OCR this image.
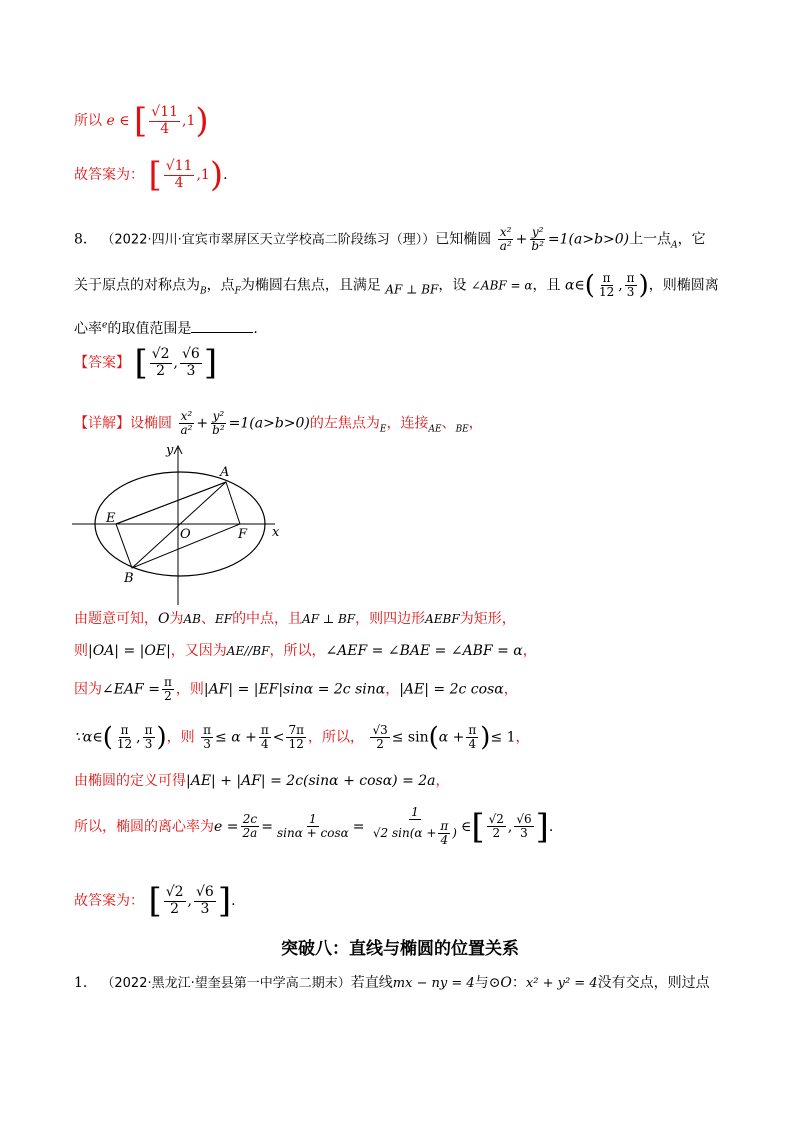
所以 e ∈ [ $\frac{√11}{4} ,1$)
故答案为： [ $\frac{√11}{4} ,1$).
8． （2022·四川·宜宾市翠屏区天立学校高二阶段练习（理））已知椭圆 $\frac{\text{x²}}{\text{a²}} + \frac{\text{y²}}{\text{b²}} =1(a>b>0)$上一点$_A$，它
关于原点的对称点为$_B$，点$_F$为椭圆右焦点，且满足 AF ⊥ BF，设 ∠ABF = α，且 α∈( $\frac{\pi}{12}$ , $\frac{\pi}{3}$ )，则椭圆离
心率$^e$的取值范围是	.
【答案】 [ $\frac{√2}{2}$ , $\frac{√6}{3}$ ]
【详解】设椭圆 $\frac{\text{x²}}{\text{a²}} + \frac{\text{y²}}{\text{b²}} =1(a>b>0)$的左焦点为$_E$，连接$_{AE}$、$_{BE}$，
A
B
E
F
O	x
y
由题意可知，O为AB、EF的中点，且AF ⊥ BF，则四边形AEBF为矩形，
则|OA| = |OE|，又因为AE//BF，所以，∠AEF = ∠BAE = ∠ABF = α，
因为∠EAF = $\frac{\pi}{2}$ ，则|AF| = |EF|sinα = 2c sinα，|AE| = 2c cosα，
∵α∈( $\frac{\pi}{12}$ , $\frac{\pi}{3}$ )，则 $\frac{\pi}{3} \le \alpha + \frac{\pi}{4} < \frac{7\pi}{12}$ ，所以， $\frac{√3}{2} \le \sin(\alpha + \frac{\pi}{4}$ )≤ 1，
由椭圆的定义可得|AE| + |AF| = 2c(sinα + cosα) = 2a，
所以，椭圆的离心率为$e = \frac{2c}{2a} = \frac{1}{\sin\alpha + \cos\alpha} = \frac{1}{√2 \sin(\alpha + \frac{\pi}{4} )}$ ∈[ $\frac{√2}{2}$ , $\frac{√6}{3}$ ].
故答案为： [ $\frac{√2}{2}$ , $\frac{√6}{3}$ ].
突破八：直线与椭圆的位置关系
1． （2022·黑龙江·望奎县第一中学高二期末）若直线mx − ny = 4与⊙O：x² + y² = 4没有交点，则过点
